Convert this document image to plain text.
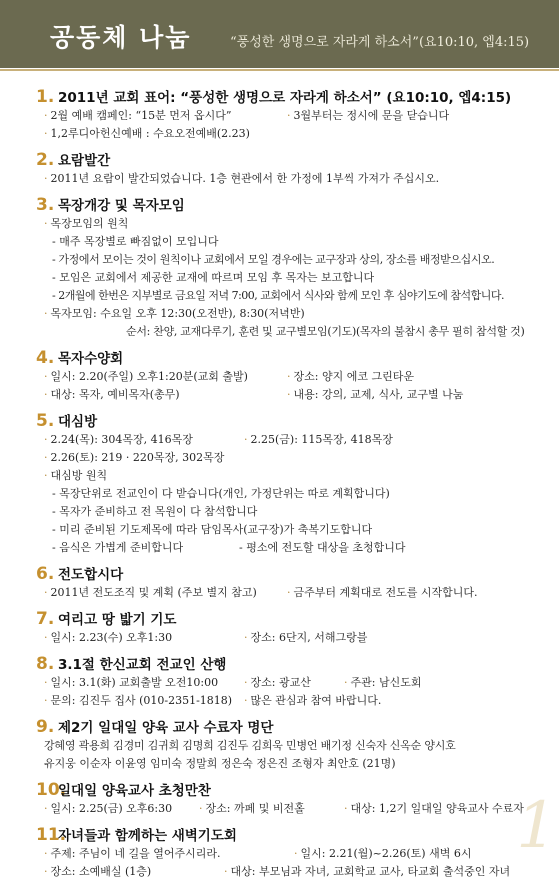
공동체 나눔	“풍성한 생명으로 자라게 하소서”(요10:10, 엡4:15)
1. 2011년 교회 표어: “풍성한 생명으로 자라게 하소서” (요10:10, 엡4:15)
· 2월 예배 캠페인: “15분 먼저 옵시다”	· 3월부터는 정시에 문을 닫습니다
· 1,2루디아헌신예배 : 수요오전예배(2.23)
2. 요람발간
· 2011년 요람이 발간되었습니다. 1층 현관에서 한 가정에 1부씩 가져가 주십시오.
3. 목장개강 및 목자모임
· 목장모임의 원칙
- 매주 목장별로 빠짐없이 모입니다
- 가정에서 모이는 것이 원칙이나 교회에서 모일 경우에는 교구장과 상의, 장소를 배정받으십시오.
- 모임은 교회에서 제공한 교재에 따르며 모임 후 목자는 보고합니다
- 2개월에 한번은 지부별로 금요일 저녁 7:00, 교회에서 식사와 함께 모인 후 심야기도에 참석합니다.
· 목자모임: 수요일 오후 12:30(오전반), 8:30(저녁반)
순서: 찬양, 교재다루기, 훈련 및 교구별모임(기도)(목자의 불참시 총무 필히 참석할 것)
4. 목자수양회
· 일시: 2.20(주일) 오후1:20분(교회 출발)	· 장소: 양지 에코 그린타운
· 대상: 목자, 예비목자(총무)	· 내용: 강의, 교제, 식사, 교구별 나눔
5. 대심방
· 2.24(목): 304목장, 416목장	· 2.25(금): 115목장, 418목장
· 2.26(토): 219 · 220목장, 302목장
· 대심방 원칙
- 목장단위로 전교인이 다 받습니다(개인, 가정단위는 따로 계획합니다)
- 목자가 준비하고 전 목원이 다 참석합니다
- 미리 준비된 기도제목에 따라 담임목사(교구장)가 축복기도합니다
- 음식은 가볍게 준비합니다	- 평소에 전도할 대상을 초청합니다
6. 전도합시다
· 2011년 전도조직 및 계획 (주보 별지 참고)	· 금주부터 계획대로 전도를 시작합니다.
7. 여리고 땅 밟기 기도
· 일시: 2.23(수) 오후1:30	· 장소: 6단지, 서해그랑블
8. 3.1절 한신교회 전교인 산행
· 일시: 3.1(화) 교회출발 오전10:00	· 장소: 광교산	· 주관: 남신도회
· 문의: 김진두 집사 (010-2351-1818)	· 많은 관심과 참여 바랍니다.
9. 제2기 일대일 양육 교사 수료자 명단
강혜영 곽용희 김경미 김귀희 김명희 김진두 김희욱 민병언 배기정 신숙자 신옥순 양시호
유지웅 이순자 이윤영 임미숙 정말희 정은숙 정은진 조형자 최안호 (21명)
10.
일대일 양육교사 초청만찬
· 일시: 2.25(금) 오후6:30	· 장소: 까페 및 비전홀	· 대상: 1,2기 일대일 양육교사 수료자
11.
자녀들과 함께하는 새벽기도회
· 주제: 주님이 네 길을 열어주시리라.	· 일시: 2.21(월)~2.26(토) 새벽 6시
· 장소: 소예배실 (1층)	· 대상: 부모님과 자녀, 교회학교 교사, 타교회 출석중인 자녀
1
